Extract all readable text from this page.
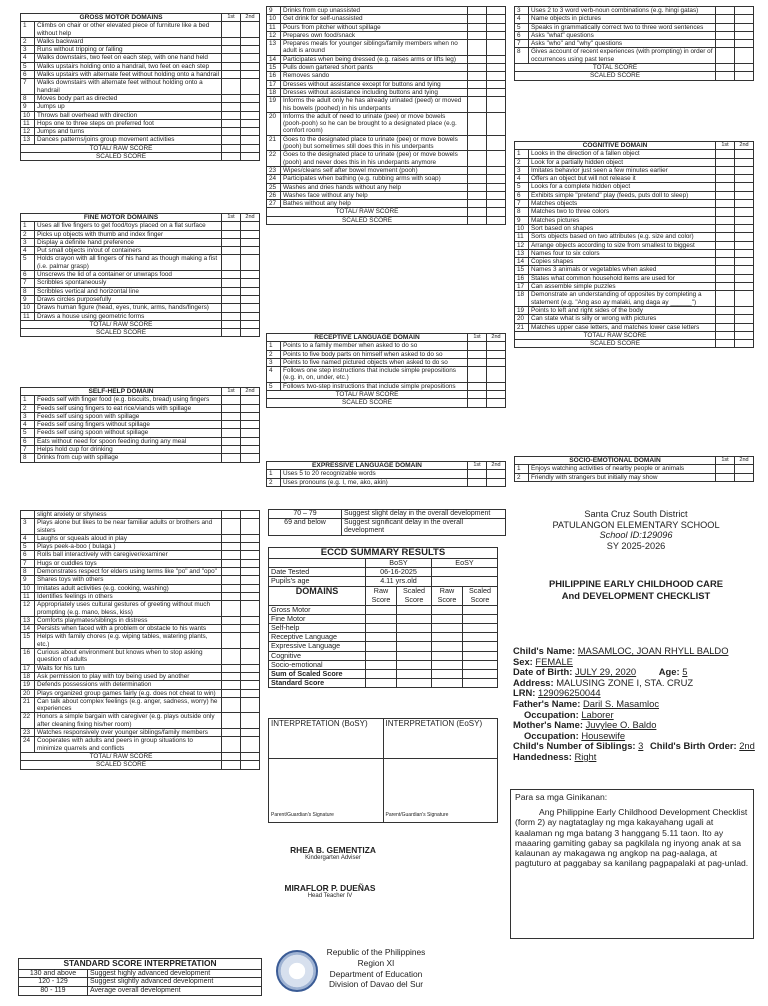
GROSS MOTOR DOMAINS		1st	2nd
1	Climbs on chair or other elevated piece of furniture like a bed without help		
2	Walks backward		
3	Runs without tripping or falling		
4	Walks downstairs, two feet on each step, with one hand held		
5	Walks upstairs holding onto a handrail, two feet on each step		
6	Walks upstairs with alternate feet without holding onto a handrail		
7	Walks downstairs with alternate feet without holding onto a handrail		
8	Moves body part as directed		
9	Jumps up		
10	Throws ball overhead with direction		
11	Hops one to three steps on preferred foot		
12	Jumps and turns		
13	Dances patterns/joins group movement activities		
TOTAL/ RAW SCORE			
SCALED SCORE			
FINE MOTOR DOMAINS		1st	2nd
1	Uses all five fingers to get food/toys placed on a flat surface		
2	Picks up objects with thumb and index finger		
3	Display a definite hand preference		
4	Put small objects in/out of containers		
5	Holds crayon with all fingers of his hand as though making a fist (i.e. palmar grasp)		
6	Unscrews the lid of a container or unwraps food		
7	Scribbles spontaneously		
8	Scribbles vertical and horizontal line		
9	Draws circles purposefully		
10	Draws human figure (head, eyes, trunk, arms, hands/fingers)		
11	Draws a house using geometric forms		
TOTAL/ RAW SCORE			
SCALED SCORE			
SELF-HELP DOMAIN		1st	2nd
1	Feeds self with finger food (e.g. biscuits, bread) using fingers		
2	Feeds self using fingers to eat rice/viands with spillage		
3	Feeds self using spoon with spillage		
4	Feeds self using fingers without spillage		
5	Feeds self using spoon without spillage		
6	Eats without need for spoon feeding during any meal		
7	Helps hold cup for drinking		
8	Drinks from cup with spillage		
9	Drinks from cup unassisted		
10	Get drink for self-unassisted		
11	Pours from pitcher without spillage		
12	Prepares own food/snack		
13	Prepares meals for younger siblings/family members when no adult is around		
14	Participates when being dressed (e.g. raises arms or lifts leg)		
15	Pulls down gartered short pants		
16	Removes sando		
17	Dresses without assistance except for buttons and tying		
18	Dresses without assistance including buttons and tying		
19	Informs the adult only he has already urinated (peed) or moved his bowels (poohed) in his underpants		
20	Informs the adult of need to urinate (pee) or move bowels (pooh-pooh) so he can be brought to a designated place (e.g. comfort room)		
21	Goes to the designated place to urinate (pee) or move bowels (pooh) but sometimes still does this in his underpants		
22	Goes to the designated place to urinate (pee) or move bowels (pooh) and never does this in his underpants anymore		
23	Wipes/cleans self after bowel movement (pooh)		
24	Participates when bathing (e.g. rubbing arms with soap)		
25	Washes and dries hands without any help		
26	Washes face without any help		
27	Bathes without any help		
TOTAL/ RAW SCORE			
SCALED SCORE			
RECEPTIVE LANGUAGE DOMAIN		1st	2nd
1	Points to a family member when asked to do so		
2	Points to five body parts on himself when asked to do so		
3	Points to five named pictured objects when asked to do so		
4	Follows one step instructions that include simple prepositions (e.g. in, on, under, etc.)		
5	Follows two-step instructions that include simple prepositions		
TOTAL/ RAW SCORE			
SCALED SCORE			
EXPRESSIVE LANGUAGE DOMAIN		1st	2nd
1	Uses 5 to 20 recognizable words		
2	Uses pronouns (e.g. I, me, ako, akin)		
3	Uses 2 to 3 word verb-noun combinations (e.g. hingi gatas)		
4	Name objects in pictures		
5	Speaks in grammatically correct two to three word sentences		
6	Asks "what" questions		
7	Asks "who" and "why" questions		
8	Gives account of recent experiences (with prompting) in order of occurrences using past tense		
TOTAL SCORE			
SCALED SCORE			
COGNITIVE DOMAIN		1st	2nd
1	Looks in the direction of a fallen object		
2	Look for a partially hidden object		
3	Imitates behavior just seen a few minutes earlier		
4	Offers an object but will not release it		
5	Looks for a complete hidden object		
6	Exhibits simple "pretend" play (feeds, puts doll to sleep)		
7	Matches objects		
8	Matches two to three colors		
9	Matches pictures		
10	Sort based on shapes		
11	Sorts objects based on two attributes (e.g. size and color)		
12	Arrange objects according to size from smallest to biggest		
13	Names four to six colors		
14	Copies shapes		
15	Names 3 animals or vegetables when asked		
16	States what common household items are used for		
17	Can assemble simple puzzles		
18	Demonstrate an understanding of opposites by completing a statement (e.g. "Ang aso ay malaki, ang daga ay ______")		
19	Points to left and right sides of the body		
20	Can state what is silly or wrong with pictures		
21	Matches upper case letters, and matches lower case letters		
TOTAL/ RAW SCORE			
SCALED SCORE			
SOCIO-EMOTIONAL DOMAIN		1st	2nd
1	Enjoys watching activities of nearby people or animals		
2	Friendly with strangers but initially may show		
	slight anxiety or shyness		
3	Plays alone but likes to be near familiar adults or brothers and sisters		
4	Laughs or squeals aloud in play		
5	Plays peek-a-boo ( bulaga )		
6	Rolls ball interactively with caregiver/examiner		
7	Hugs or cuddles toys		
8	Demonstrates respect for elders using terms like "po" and "opo"		
9	Shares toys with others		
10	Imitates adult activities (e.g. cooking, washing)		
11	Identifies feelings in others		
12	Appropriately uses cultural gestures of greeting without much prompting (e.g. mano, bless, kiss)		
13	Comforts playmates/siblings in distress		
14	Persists when faced with a problem or obstacle to his wants		
15	Helps with family chores (e.g. wiping tables, watering plants, etc.)		
16	Curious about environment but knows when to stop asking question of adults		
17	Waits for his turn		
18	Ask permission to play with toy being used by another		
19	Defends possessions with determination		
20	Plays organized group games fairly (e.g. does not cheat to win)		
21	Can talk about complex feelings (e.g. anger, sadness, worry) he experiences		
22	Honors a simple bargain with caregiver (e.g. plays outside only after cleaning fixing his/her room)		
23	Watches responsively over younger siblings/family members		
24	Cooperates with adults and peers in group situations to minimize quarrels and conflicts		
TOTAL/ RAW SCORE			
SCALED SCORE			
STANDARD SCORE INTERPRETATION	
130 and above	Suggest highly advanced development
120 - 129	Suggest slightly advanced development
80 - 119	Average overall development
70 – 79	Suggest slight delay in the overall development
69 and below	Suggest significant delay in the overall development
ECCD SUMMARY RESULTS				
	BoSY		EoSY	
Date Tested	06-16-2025			
Pupils's age	4.11 yrs.old			
DOMAINS	Raw Score	Scaled Score	Raw Score	Scaled Score
Gross Motor				
Fine Motor				
Self-help				
Receptive Language				
Expressive Language				
Cognitive				
Socio-emotional				
Sum of Scaled Score				
Standard Score				
INTERPRETATION (BoSY)
Parent/Guardian's Signature

INTERPRETATION (EoSY)
Parent/Guardian's Signature
RHEA B. GEMENTIZA
Kindergarten Adviser
MIRAFLOR P. DUEÑAS
Head Teacher IV
Republic of the Philippines
Region XI
Department of Education
Division of Davao del Sur
Santa Cruz South District
PATULANGON ELEMENTARY SCHOOL
School ID:129096
SY 2025-2026
PHILIPPINE EARLY CHILDHOOD CARE
And DEVELOPMENT CHECKLIST
Child's Name: MASAMLOC, JOAN RHYLL BALDO
Sex: FEMALE
Date of Birth: JULY 29, 2020 Age: 5
Address: MALUSING ZONE I, STA. CRUZ
LRN: 129096250044
Father's Name: Daril S. Masamloc
Occupation: Laborer
Mother's Name: Juvylee O. Baldo
Occupation: Housewife
Child's Number of Siblings: 3 Child's Birth Order: 2nd
Handedness: Right
Para sa mga Ginikanan:
Ang Philippine Early Childhood Development Checklist (form 2) ay nagtataglay ng mga kakayahang ugali at kaalaman ng mga batang 3 hanggang 5.11 taon. Ito ay maaaring gamiting gabay sa pagkilala ng inyong anak at sa kalaunan ay makagawa ng angkop na pag-aalaga, at pagtuturo at paggabay sa kanilang pagpapalaki at pag-unlad.
